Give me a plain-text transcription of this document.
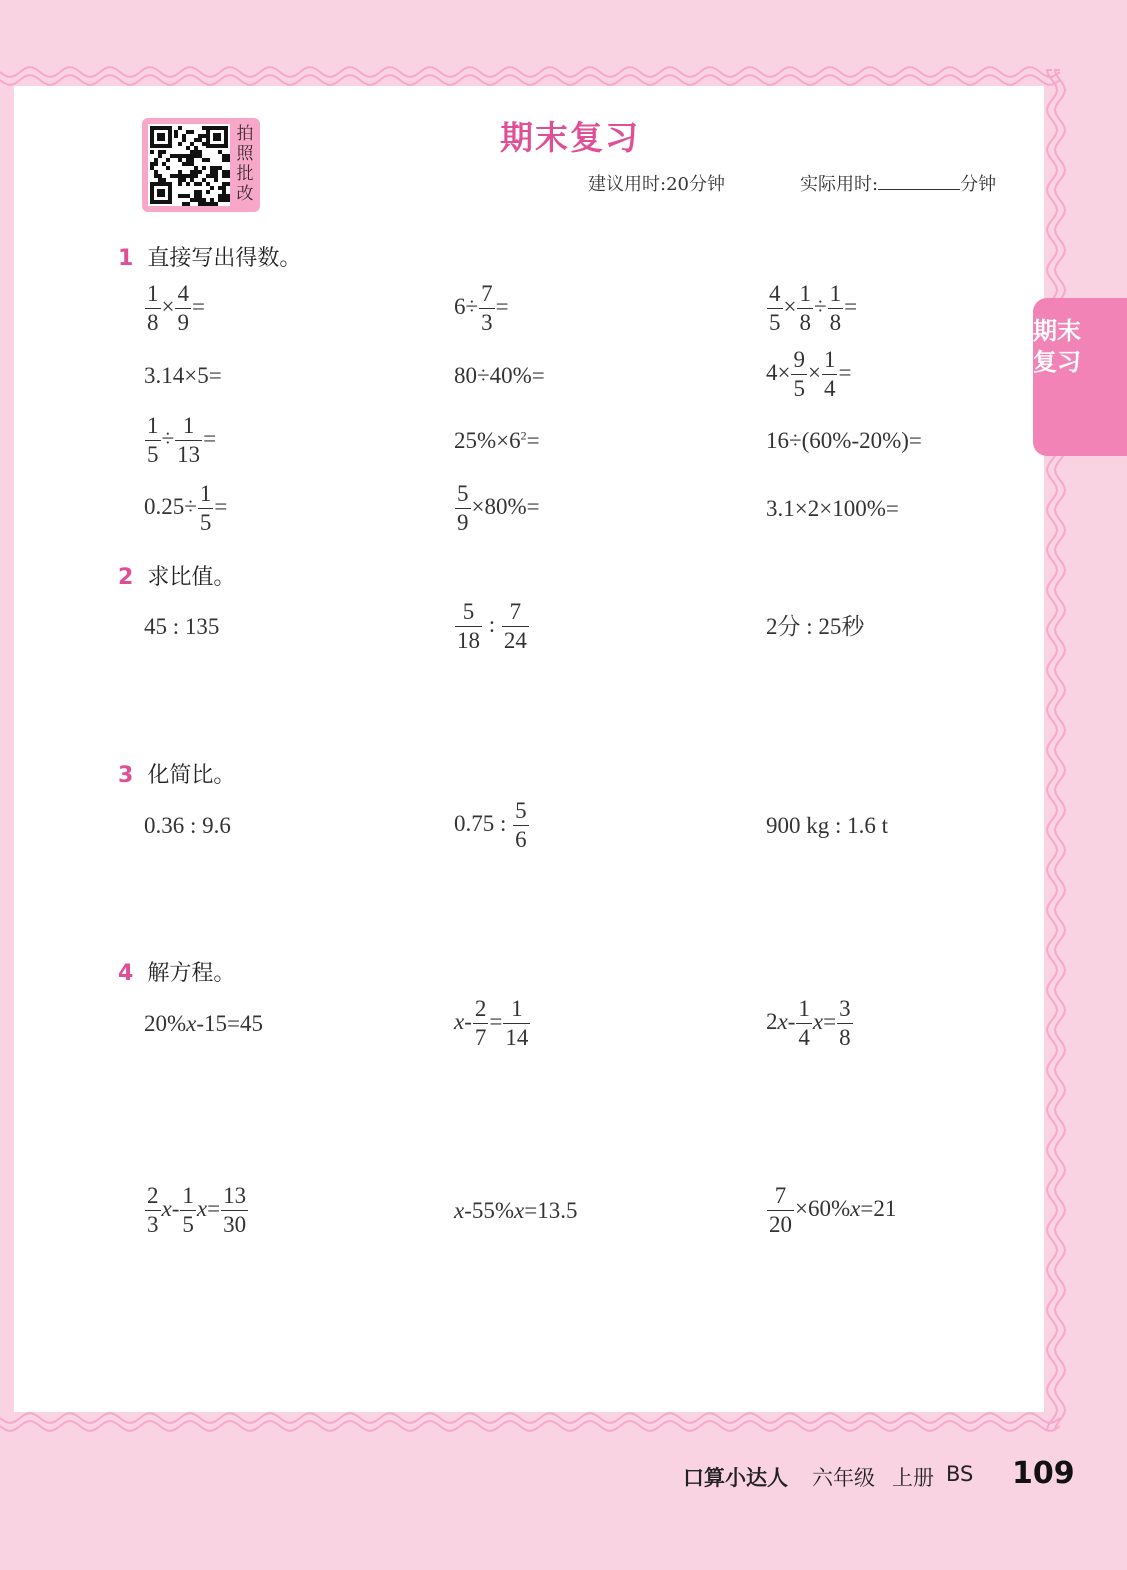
拍照批改
期末复习
建议用时:20分钟	实际用时:	分钟
期末复习
1 直接写出得数。
$\frac{1}{8} \times \frac{4}{9}$ =	$6\div \frac{7}{3}$ =	$\frac{4}{5} \times \frac{1}{8} \div \frac{1}{8}$ =
3.14×5=	80÷40%=	$4\times \frac{9}{5} \times \frac{1}{4}$ =
$\frac{1}{5} \div \frac{1}{13}$ =	$25\%\times 6^2=$	16÷(60%-20%)=
$0.25\div \frac{1}{5}$ =	$\frac{5}{9} \times 80\%=$	3.1×2×100%=
2 求比值。
45 : 135	$\frac{5}{18}$ : $\frac{7}{24}$	2分 : 25秒
3 化简比。
0.36 : 9.6	0.75 : $\frac{5}{6}$	900 kg : 1.6 t
4 解方程。
20%x-15=45	$x- \frac{2}{7} = \frac{1}{14}$	$2x- \frac{1}{4} x= \frac{3}{8}$
$\frac{2}{3} x- \frac{1}{5} x= \frac{13}{30}$	x-55%x=13.5	$\frac{7}{20} \times 60\%x=21$
口算小达人 六年级 上册 BS 109
